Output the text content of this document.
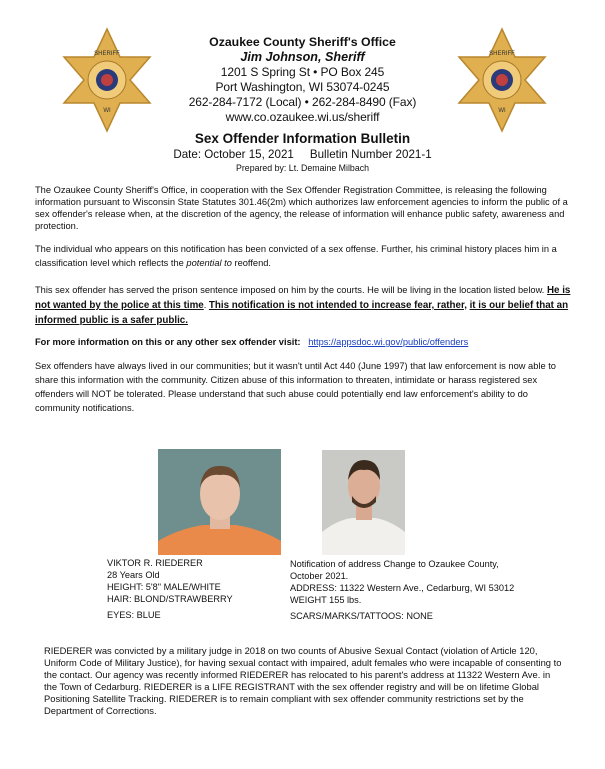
SHERIFF
WI
SHERIFF
WI
Ozaukee County Sheriff's Office
Jim Johnson, Sheriff
1201 S Spring St • PO Box 245
Port Washington, WI 53074-0245
262-284-7172 (Local) • 262-284-8490 (Fax)
www.co.ozaukee.wi.us/sheriff
Sex Offender Information Bulletin
Date: October 15, 2021 Bulletin Number 2021-1
Prepared by: Lt. Demaine Milbach
The Ozaukee County Sheriff's Office, in cooperation with the Sex Offender Registration Committee, is releasing the following information pursuant to Wisconsin State Statutes 301.46(2m) which authorizes law enforcement agencies to inform the public of a sex offender's release when, at the discretion of the agency, the release of information will enhance public safety, awareness and protection.
The individual who appears on this notification has been convicted of a sex offense. Further, his criminal history places him in a classification level which reflects the potential to reoffend.
This sex offender has served the prison sentence imposed on him by the courts. He will be living in the location listed below. He is not wanted by the police at this time. This notification is not intended to increase fear, rather, it is our belief that an informed public is a safer public.
For more information on this or any other sex offender visit: https://appsdoc.wi.gov/public/offenders
Sex offenders have always lived in our communities; but it wasn't until Act 440 (June 1997) that law enforcement is now able to share this information with the community. Citizen abuse of this information to threaten, intimidate or harass registered sex offenders will NOT be tolerated. Please understand that such abuse could potentially end law enforcement's ability to do community notifications.
VIKTOR R. RIEDERER
28 Years Old
HEIGHT: 5'8" MALE/WHITE
HAIR: BLOND/STRAWBERRY
EYES: BLUE
Notification of address Change to Ozaukee County,
October 2021.
ADDRESS: 11322 Western Ave., Cedarburg, WI 53012
WEIGHT 155 lbs.
SCARS/MARKS/TATTOOS: NONE
RIEDERER was convicted by a military judge in 2018 on two counts of Abusive Sexual Contact (violation of Article 120, Uniform Code of Military Justice), for having sexual contact with impaired, adult females who were incapable of consenting to the contact. Our agency was recently informed RIEDERER has relocated to his parent's address at 11322 Western Ave. in the Town of Cedarburg. RIEDERER is a LIFE REGISTRANT with the sex offender registry and will be on lifetime Global Positioning Satellite Tracking. RIEDERER is to remain compliant with sex offender community restrictions set by the Department of Corrections.
